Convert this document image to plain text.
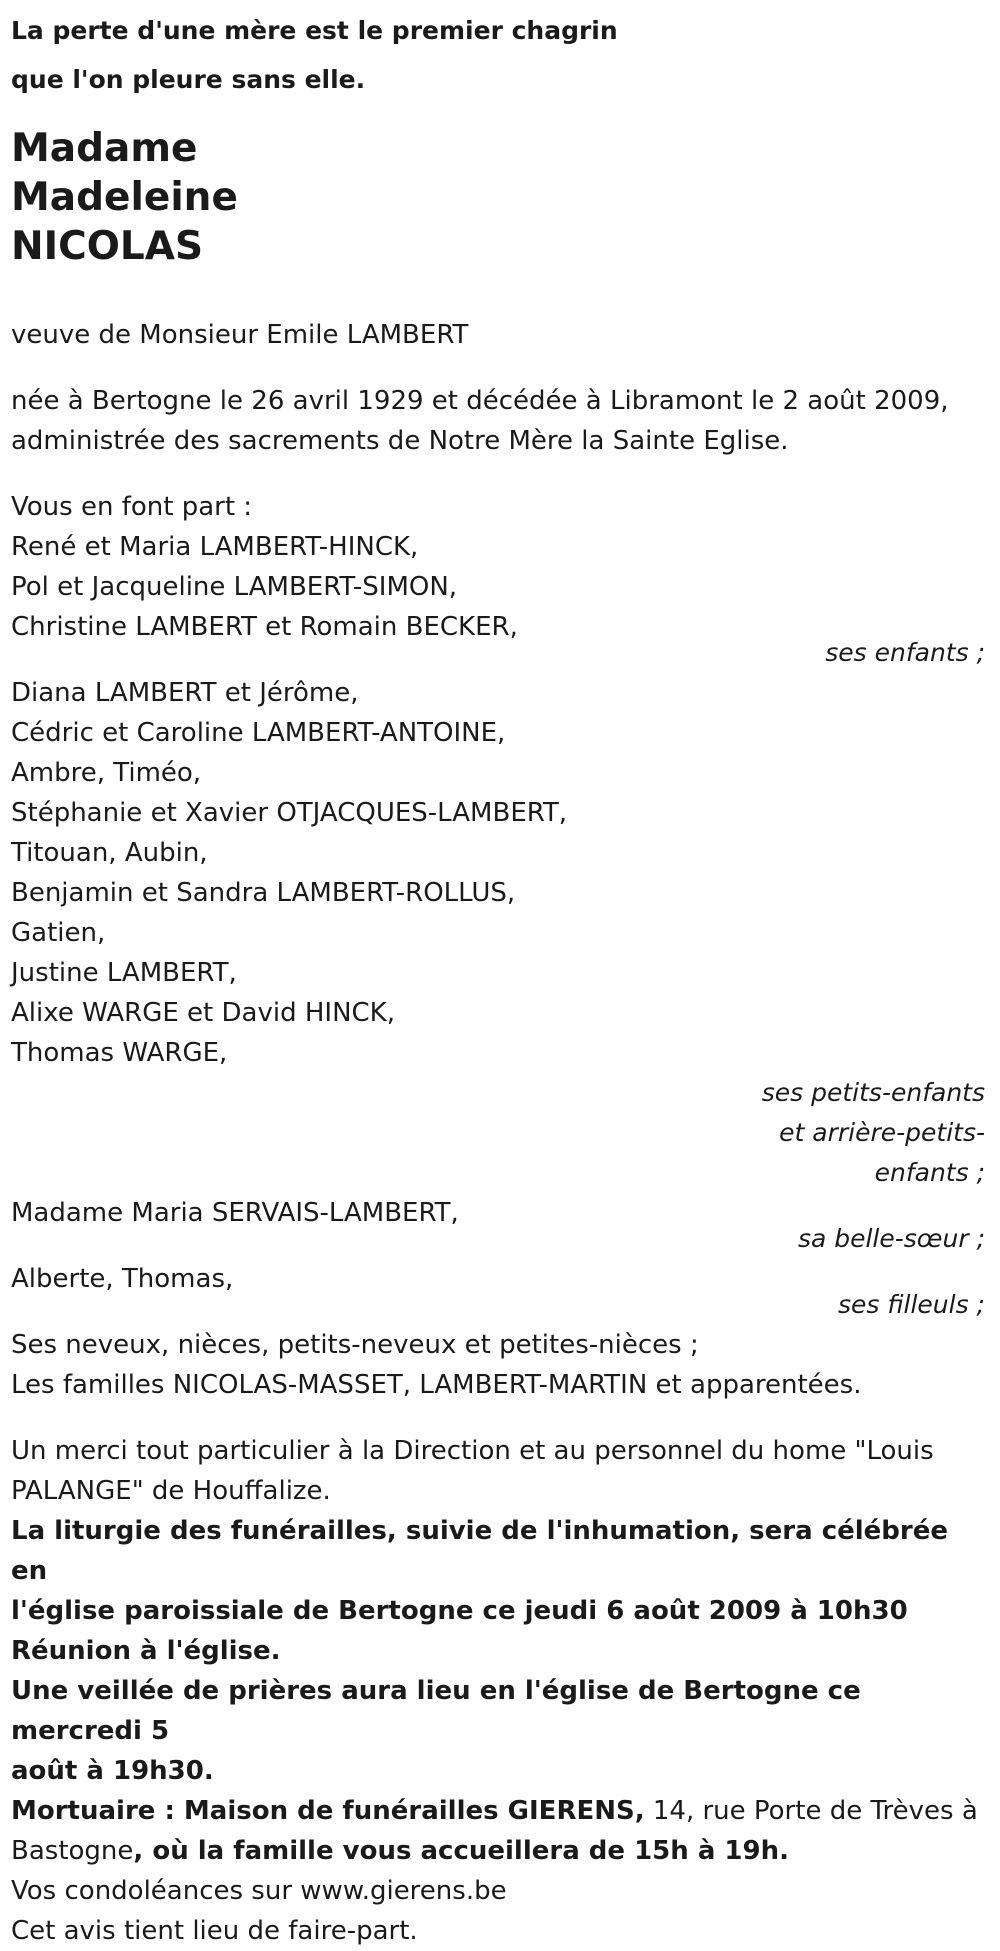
La perte d'une mère est le premier chagrin
que l'on pleure sans elle.
Madame
Madeleine
NICOLAS

veuve de Monsieur Emile LAMBERT

née à Bertogne le 26 avril 1929 et décédée à Libramont le 2 août 2009,
administrée des sacrements de Notre Mère la Sainte Eglise.
Vous en font part :
René et Maria LAMBERT-HINCK,
Pol et Jacqueline LAMBERT-SIMON,
Christine LAMBERT et Romain BECKER,

ses enfants ;

Diana LAMBERT et Jérôme,
Cédric et Caroline LAMBERT-ANTOINE,
Ambre, Timéo,
Stéphanie et Xavier OTJACQUES-LAMBERT,
Titouan, Aubin,
Benjamin et Sandra LAMBERT-ROLLUS,
Gatien,
Justine LAMBERT,
Alixe WARGE et David HINCK,
Thomas WARGE,
ses petits-enfants
et arrière-petits-
enfants ;

Madame Maria SERVAIS-LAMBERT,

sa belle-sœur ;

Alberte, Thomas,

ses filleuls ;

Ses neveux, nièces, petits-neveux et petites-nièces ;
Les familles NICOLAS-MASSET, LAMBERT-MARTIN et apparentées.
Un merci tout particulier à la Direction et au personnel du home "Louis
PALANGE" de Houffalize.
La liturgie des funérailles, suivie de l'inhumation, sera célébrée en
l'église paroissiale de Bertogne ce jeudi 6 août 2009 à 10h30
Réunion à l'église.
Une veillée de prières aura lieu en l'église de Bertogne ce mercredi 5
août à 19h30.
Mortuaire : Maison de funérailles GIERENS, 14, rue Porte de Trèves à
Bastogne, où la famille vous accueillera de 15h à 19h.

Vos condoléances sur www.gierens.be

Cet avis tient lieu de faire-part.
